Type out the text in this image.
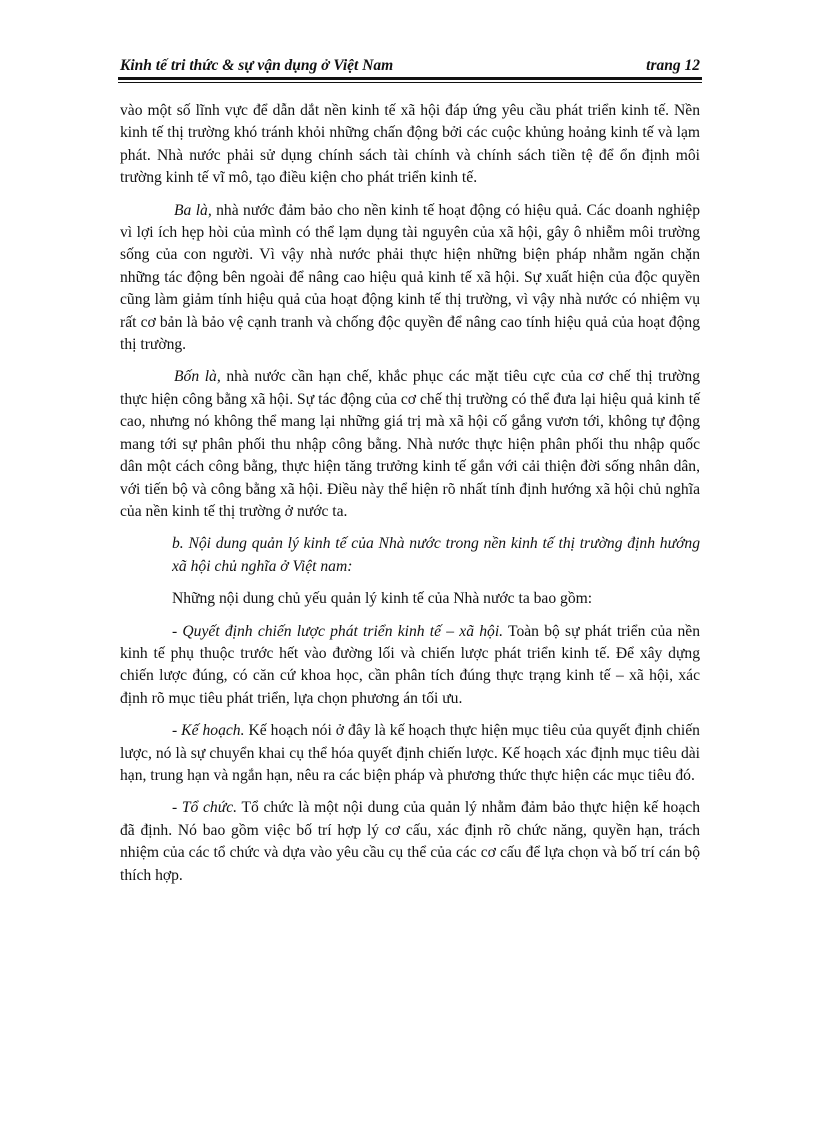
Kinh tế tri thức & sự vận dụng ở Việt Nam	trang 12

vào một số lĩnh vực để dẫn dắt nền kinh tế xã hội đáp ứng yêu cầu phát triển kinh tế. Nền kinh tế thị trường khó tránh khỏi những chấn động bởi các cuộc khủng hoảng kinh tế và lạm phát. Nhà nước phải sử dụng chính sách tài chính và chính sách tiền tệ để ổn định môi trường kinh tế vĩ mô, tạo điều kiện cho phát triển kinh tế.

Ba là, nhà nước đảm bảo cho nền kinh tế hoạt động có hiệu quả. Các doanh nghiệp vì lợi ích hẹp hòi của mình có thể lạm dụng tài nguyên của xã hội, gây ô nhiễm môi trường sống của con người. Vì vậy nhà nước phải thực hiện những biện pháp nhằm ngăn chặn những tác động bên ngoài để nâng cao hiệu quả kinh tế xã hội. Sự xuất hiện của độc quyền cũng làm giảm tính hiệu quả của hoạt động kinh tế thị trường, vì vậy nhà nước có nhiệm vụ rất cơ bản là bảo vệ cạnh tranh và chống độc quyền để nâng cao tính hiệu quả của hoạt động thị trường.

Bốn là, nhà nước cần hạn chế, khắc phục các mặt tiêu cực của cơ chế thị trường thực hiện công bằng xã hội. Sự tác động của cơ chế thị trường có thể đưa lại hiệu quả kinh tế cao, nhưng nó không thể mang lại những giá trị mà xã hội cố gắng vươn tới, không tự động mang tới sự phân phối thu nhập công bằng. Nhà nước thực hiện phân phối thu nhập quốc dân một cách công bằng, thực hiện tăng trưởng kinh tế gắn với cải thiện đời sống nhân dân, với tiến bộ và công bằng xã hội. Điều này thể hiện rõ nhất tính định hướng xã hội chủ nghĩa của nền kinh tế thị trường ở nước ta.

b. Nội dung quản lý kinh tế của Nhà nước trong nền kinh tế thị trường định hướng xã hội chủ nghĩa ở Việt nam:

Những nội dung chủ yếu quản lý kinh tế của Nhà nước ta bao gồm:

- Quyết định chiến lược phát triển kinh tế – xã hội. Toàn bộ sự phát triển của nền kinh tế phụ thuộc trước hết vào đường lối và chiến lược phát triển kinh tế. Để xây dựng chiến lược đúng, có căn cứ khoa học, cần phân tích đúng thực trạng kinh tế – xã hội, xác định rõ mục tiêu phát triển, lựa chọn phương án tối ưu.

- Kế hoạch. Kế hoạch nói ở đây là kế hoạch thực hiện mục tiêu của quyết định chiến lược, nó là sự chuyển khai cụ thể hóa quyết định chiến lược. Kế hoạch xác định mục tiêu dài hạn, trung hạn và ngắn hạn, nêu ra các biện pháp và phương thức thực hiện các mục tiêu đó.

- Tổ chức. Tổ chức là một nội dung của quản lý nhằm đảm bảo thực hiện kế hoạch đã định. Nó bao gồm việc bố trí hợp lý cơ cấu, xác định rõ chức năng, quyền hạn, trách nhiệm của các tổ chức và dựa vào yêu cầu cụ thể của các cơ cấu để lựa chọn và bố trí cán bộ thích hợp.
